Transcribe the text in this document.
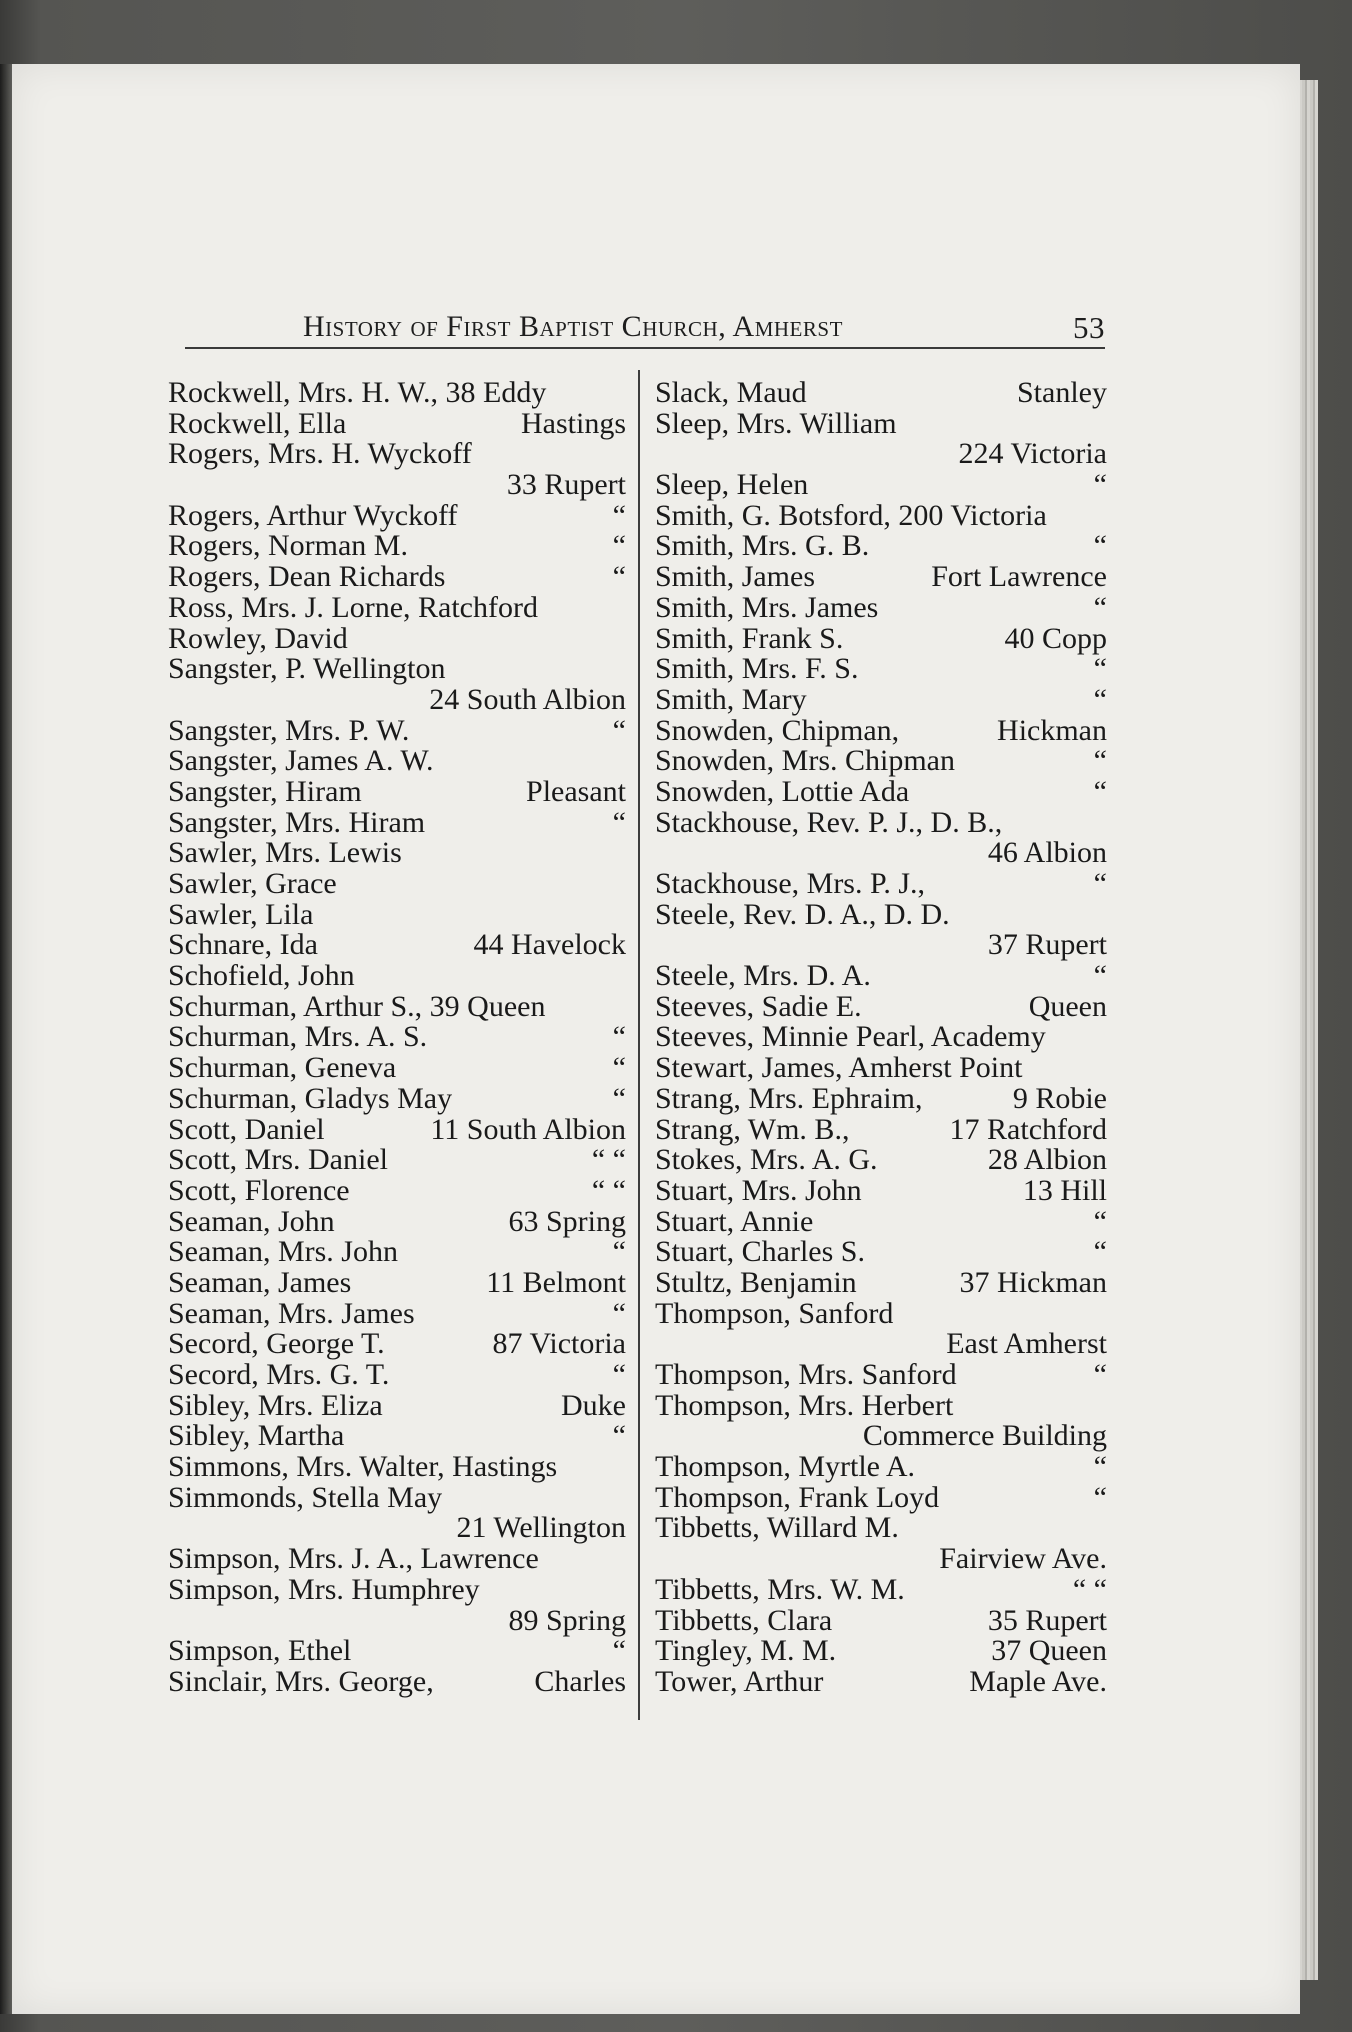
History of First Baptist Church, Amherst	53
Rockwell, Mrs. H. W., 38 Eddy
Rockwell, Ella	Hastings
Rogers, Mrs. H. Wyckoff
33 Rupert
Rogers, Arthur Wyckoff	“
Rogers, Norman M.	“
Rogers, Dean Richards	“
Ross, Mrs. J. Lorne, Ratchford
Rowley, David
Sangster, P. Wellington
24 South Albion
Sangster, Mrs. P. W.	“
Sangster, James A. W.
Sangster, Hiram	Pleasant
Sangster, Mrs. Hiram	“
Sawler, Mrs. Lewis
Sawler, Grace
Sawler, Lila
Schnare, Ida	44 Havelock
Schofield, John
Schurman, Arthur S., 39 Queen
Schurman, Mrs. A. S.	“
Schurman, Geneva	“
Schurman, Gladys May	“
Scott, Daniel	11 South Albion
Scott, Mrs. Daniel	“ “
Scott, Florence	“ “
Seaman, John	63 Spring
Seaman, Mrs. John	“
Seaman, James	11 Belmont
Seaman, Mrs. James	“
Secord, George T.	87 Victoria
Secord, Mrs. G. T.	“
Sibley, Mrs. Eliza	Duke
Sibley, Martha	“
Simmons, Mrs. Walter, Hastings
Simmonds, Stella May
21 Wellington
Simpson, Mrs. J. A., Lawrence
Simpson, Mrs. Humphrey
89 Spring
Simpson, Ethel	“
Sinclair, Mrs. George,	Charles
Slack, Maud	Stanley
Sleep, Mrs. William
224 Victoria
Sleep, Helen	“
Smith, G. Botsford, 200 Victoria
Smith, Mrs. G. B.	“
Smith, James	Fort Lawrence
Smith, Mrs. James	“
Smith, Frank S.	40 Copp
Smith, Mrs. F. S.	“
Smith, Mary	“
Snowden, Chipman,	Hickman
Snowden, Mrs. Chipman	“
Snowden, Lottie Ada	“
Stackhouse, Rev. P. J., D. B.,
46 Albion
Stackhouse, Mrs. P. J.,	“
Steele, Rev. D. A., D. D.
37 Rupert
Steele, Mrs. D. A.	“
Steeves, Sadie E.	Queen
Steeves, Minnie Pearl, Academy
Stewart, James, Amherst Point
Strang, Mrs. Ephraim,	9 Robie
Strang, Wm. B.,	17 Ratchford
Stokes, Mrs. A. G.	28 Albion
Stuart, Mrs. John	13 Hill
Stuart, Annie	“
Stuart, Charles S.	“
Stultz, Benjamin	37 Hickman
Thompson, Sanford
East Amherst
Thompson, Mrs. Sanford	“
Thompson, Mrs. Herbert
Commerce Building
Thompson, Myrtle A.	“
Thompson, Frank Loyd	“
Tibbetts, Willard M.
Fairview Ave.
Tibbetts, Mrs. W. M.	“ “
Tibbetts, Clara	35 Rupert
Tingley, M. M.	37 Queen
Tower, Arthur	Maple Ave.
